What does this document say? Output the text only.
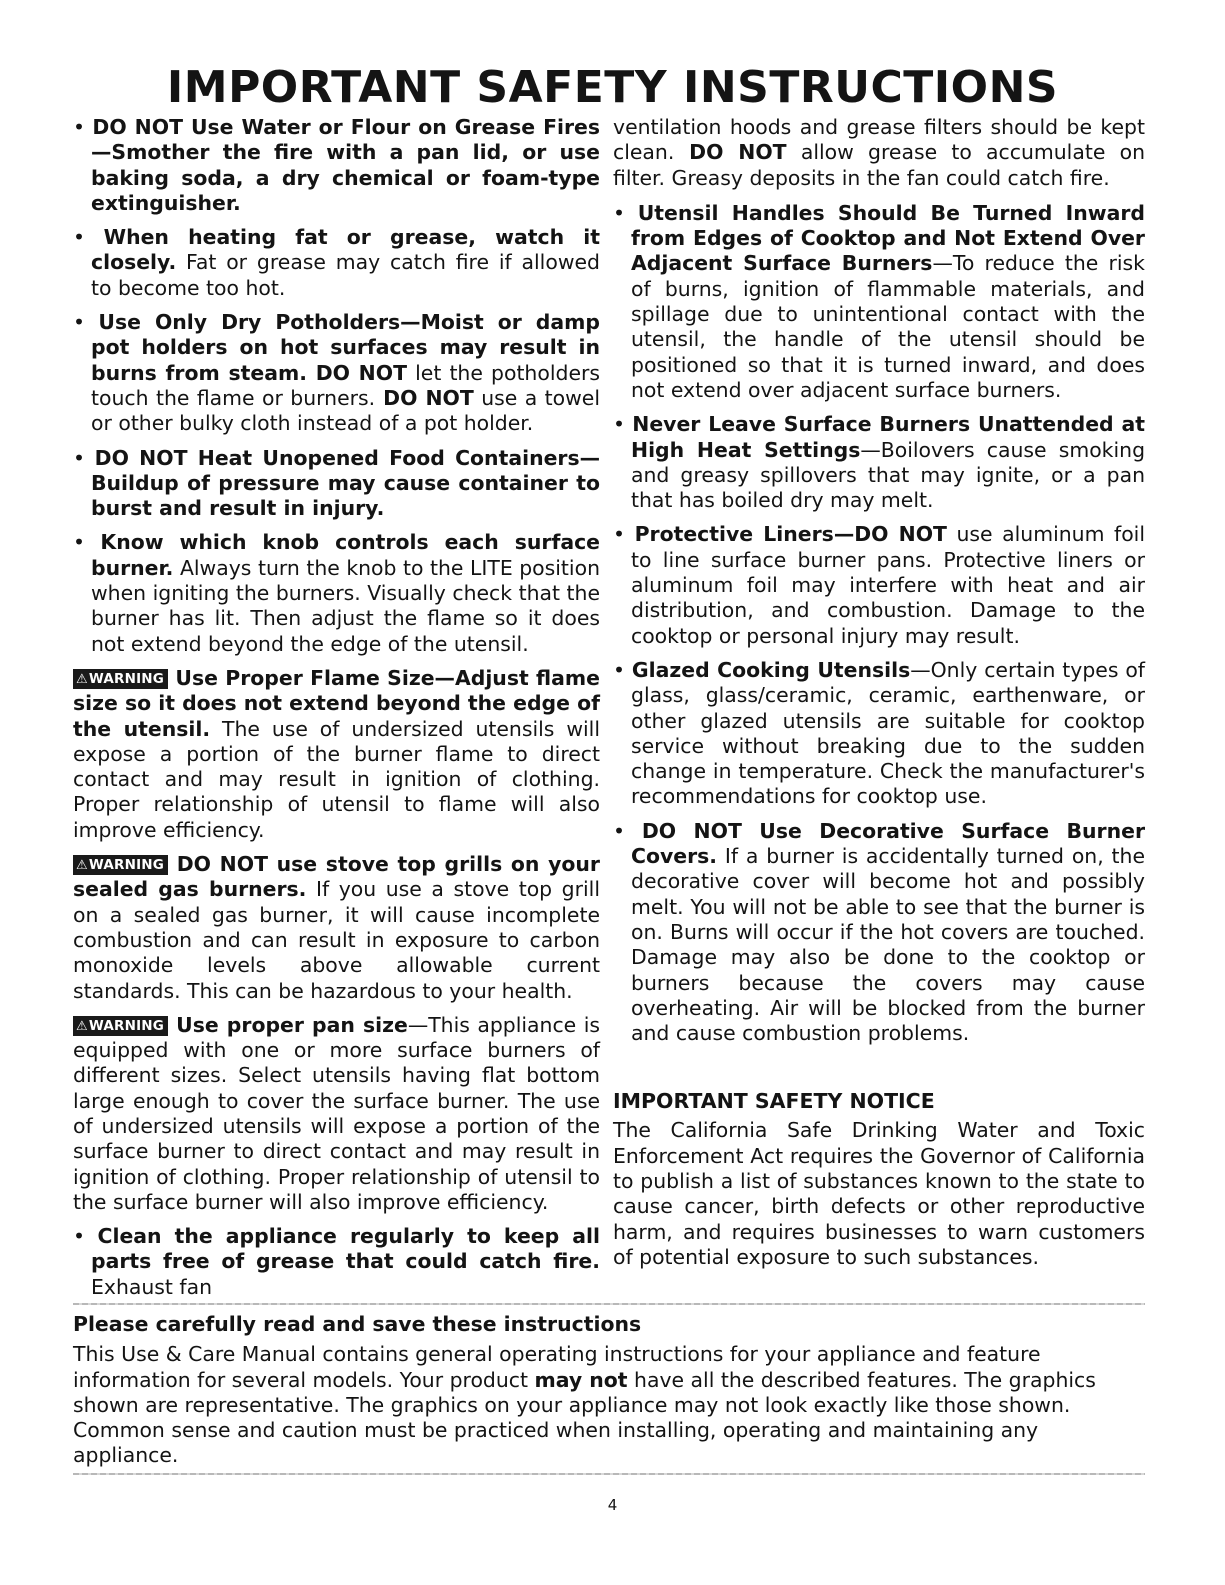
IMPORTANT SAFETY INSTRUCTIONS

• DO NOT Use Water or Flour on Grease Fires—Smother the fire with a pan lid, or use baking soda, a dry chemical or foam-type extinguisher.

• When heating fat or grease, watch it closely. Fat or grease may catch fire if allowed to become too hot.

• Use Only Dry Potholders—Moist or damp pot holders on hot surfaces may result in burns from steam. DO NOT let the potholders touch the flame or burners. DO NOT use a towel or other bulky cloth instead of a pot holder.

• DO NOT Heat Unopened Food Containers—Buildup of pressure may cause container to burst and result in injury.

• Know which knob controls each surface burner. Always turn the knob to the LITE position when igniting the burners. Visually check that the burner has lit. Then adjust the flame so it does not extend beyond the edge of the utensil.

⚠WARNING Use Proper Flame Size—Adjust flame size so it does not extend beyond the edge of the utensil. The use of undersized utensils will expose a portion of the burner flame to direct contact and may result in ignition of clothing. Proper relationship of utensil to flame will also improve efficiency.

⚠WARNING DO NOT use stove top grills on your sealed gas burners. If you use a stove top grill on a sealed gas burner, it will cause incomplete combustion and can result in exposure to carbon monoxide levels above allowable current standards. This can be hazardous to your health.

⚠WARNING Use proper pan size—This appliance is equipped with one or more surface burners of different sizes. Select utensils having flat bottom large enough to cover the surface burner. The use of undersized utensils will expose a portion of the surface burner to direct contact and may result in ignition of clothing. Proper relationship of utensil to the surface burner will also improve efficiency.

• Clean the appliance regularly to keep all parts free of grease that could catch fire. Exhaust fan

ventilation hoods and grease filters should be kept clean. DO NOT allow grease to accumulate on filter. Greasy deposits in the fan could catch fire.

• Utensil Handles Should Be Turned Inward from Edges of Cooktop and Not Extend Over Adjacent Surface Burners—To reduce the risk of burns, ignition of flammable materials, and spillage due to unintentional contact with the utensil, the handle of the utensil should be positioned so that it is turned inward, and does not extend over adjacent surface burners.

• Never Leave Surface Burners Unattended at High Heat Settings—Boilovers cause smoking and greasy spillovers that may ignite, or a pan that has boiled dry may melt.

• Protective Liners—DO NOT use aluminum foil to line surface burner pans. Protective liners or aluminum foil may interfere with heat and air distribution, and combustion. Damage to the cooktop or personal injury may result.

• Glazed Cooking Utensils—Only certain types of glass, glass/ceramic, ceramic, earthenware, or other glazed utensils are suitable for cooktop service without breaking due to the sudden change in temperature. Check the manufacturer's recommendations for cooktop use.

• DO NOT Use Decorative Surface Burner Covers. If a burner is accidentally turned on, the decorative cover will become hot and possibly melt. You will not be able to see that the burner is on. Burns will occur if the hot covers are touched. Damage may also be done to the cooktop or burners because the covers may cause overheating. Air will be blocked from the burner and cause combustion problems.

IMPORTANT SAFETY NOTICE

The California Safe Drinking Water and Toxic Enforcement Act requires the Governor of California to publish a list of substances known to the state to cause cancer, birth defects or other reproductive harm, and requires businesses to warn customers of potential exposure to such substances.

Please carefully read and save these instructions

This Use & Care Manual contains general operating instructions for your appliance and feature information for several models. Your product may not have all the described features. The graphics shown are representative. The graphics on your appliance may not look exactly like those shown. Common sense and caution must be practiced when installing, operating and maintaining any appliance.

4
